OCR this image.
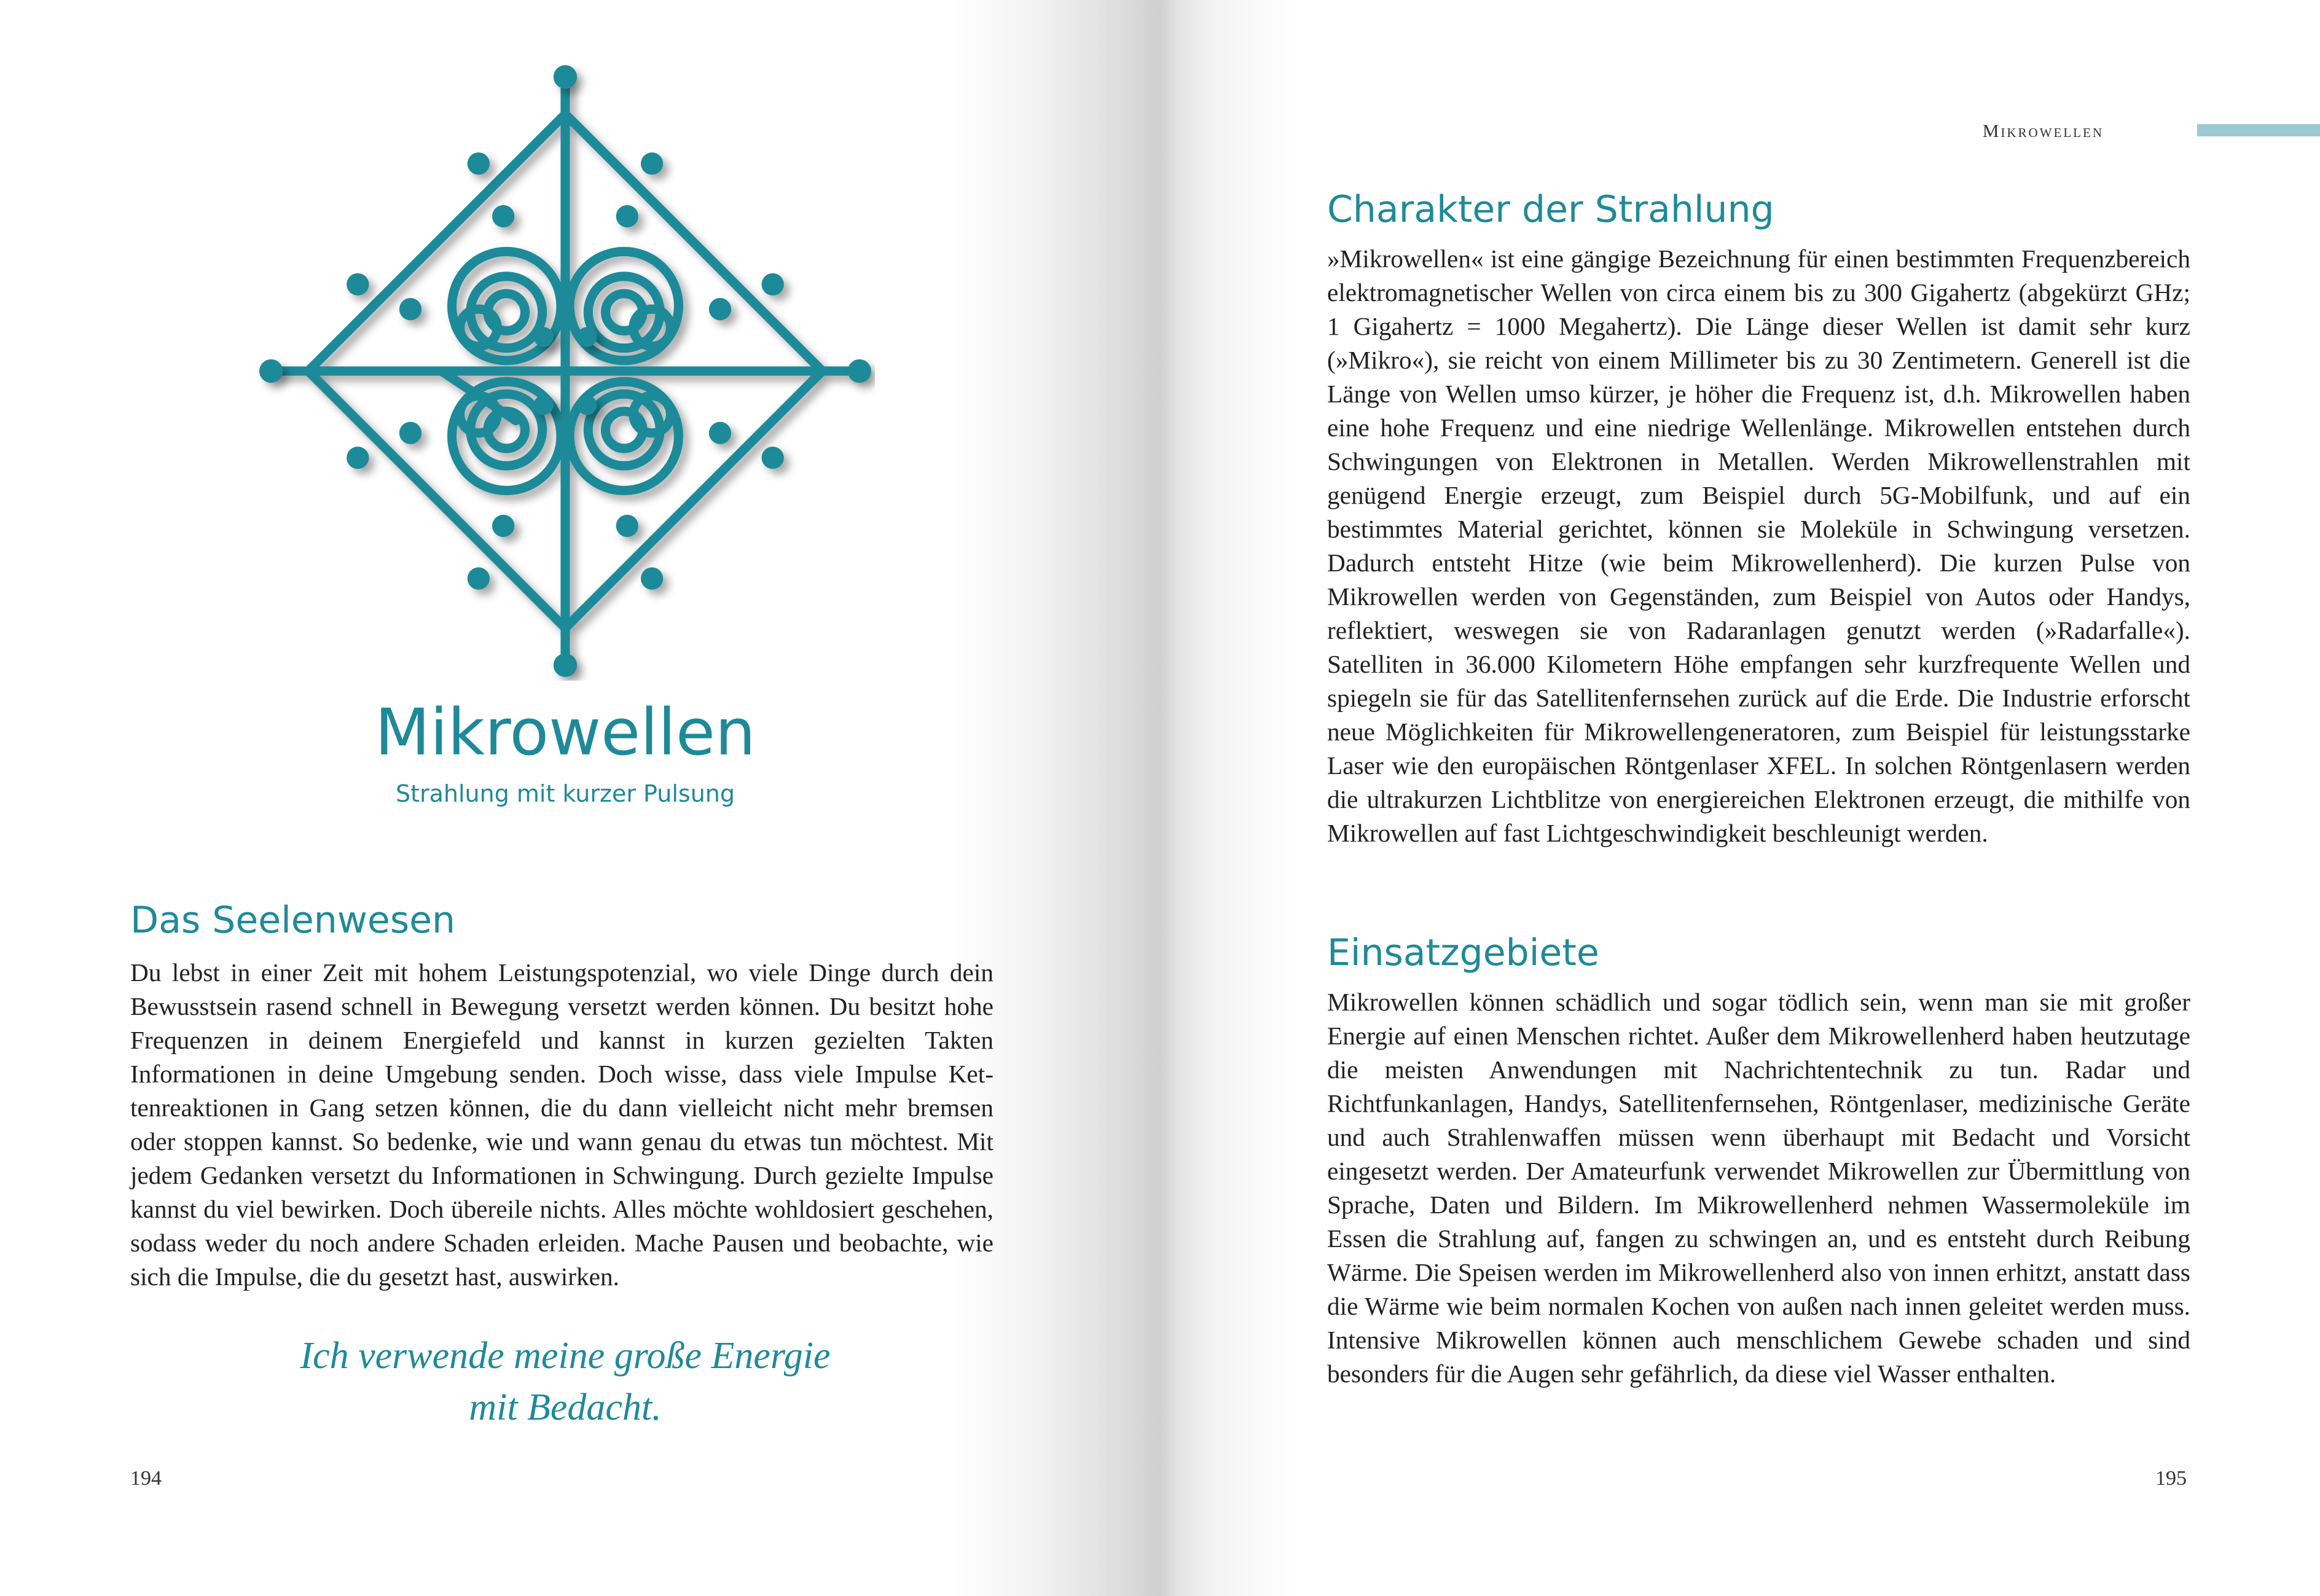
Mikrowellen
Strahlung mit kurzer Pulsung
Das Seelenwesen

Du lebst in einer Zeit mit hohem Leistungspotenzial, wo viele Dinge durch dein Bewusstsein rasend schnell in Bewegung versetzt werden können. Du besitzt hohe Frequenzen in deinem Energiefeld und kannst in kurzen gezielten Takten Informationen in deine Umgebung senden. Doch wisse, dass viele Impulse Kettenreaktionen in Gang setzen können, die du dann vielleicht nicht mehr bremsen oder stoppen kannst. So bedenke, wie und wann genau du etwas tun möchtest. Mit jedem Gedanken versetzt du Informationen in Schwingung. Durch gezielte Impulse kannst du viel bewirken. Doch übereile nichts. Alles möchte wohldosiert geschehen, sodass weder du noch andere Schaden erleiden. Mache Pausen und beobachte, wie sich die Impulse, die du gesetzt hast, auswirken.

Ich verwende meine große Energie
mit Bedacht.
194
Mikrowellen
Charakter der Strahlung

»Mikrowellen« ist eine gängige Bezeichnung für einen bestimmten Frequenzbereich elektromagnetischer Wellen von circa einem bis zu 300 Gigahertz (abgekürzt GHz; 1 Gigahertz = 1000 Megahertz). Die Länge dieser Wellen ist damit sehr kurz (»Mikro«), sie reicht von einem Millimeter bis zu 30 Zentimetern. Generell ist die Länge von Wellen umso kürzer, je höher die Frequenz ist, d.h. Mikrowellen haben eine hohe Frequenz und eine niedrige Wellenlänge. Mikrowellen entstehen durch Schwingungen von Elektronen in Metallen. Werden Mikrowellenstrahlen mit genügend Energie erzeugt, zum Beispiel durch 5G-Mobilfunk, und auf ein bestimmtes Material gerichtet, können sie Moleküle in Schwingung versetzen. Dadurch entsteht Hitze (wie beim Mikrowellenherd). Die kurzen Pulse von Mikrowellen werden von Gegenständen, zum Beispiel von Autos oder Handys, reflektiert, weswegen sie von Radaranlagen genutzt werden (»Radarfalle«). Satelliten in 36.000 Kilometern Höhe empfangen sehr kurzfrequente Wellen und spiegeln sie für das Satellitenfernsehen zurück auf die Erde. Die Industrie erforscht neue Möglichkeiten für Mikrowellengeneratoren, zum Beispiel für leistungsstarke Laser wie den europäischen Röntgenlaser XFEL. In solchen Röntgenlasern werden die ultrakurzen Lichtblitze von energiereichen Elektronen erzeugt, die mithilfe von Mikrowellen auf fast Lichtgeschwindigkeit beschleunigt werden.

Einsatzgebiete

Mikrowellen können schädlich und sogar tödlich sein, wenn man sie mit großer Energie auf einen Menschen richtet. Außer dem Mikrowellenherd haben heutzutage die meisten Anwendungen mit Nachrichtentechnik zu tun. Radar und Richtfunkanlagen, Handys, Satellitenfernsehen, Röntgenlaser, medizinische Geräte und auch Strahlenwaffen müssen wenn überhaupt mit Bedacht und Vorsicht eingesetzt werden. Der Amateurfunk verwendet Mikrowellen zur Übermittlung von Sprache, Daten und Bildern. Im Mikrowellenherd nehmen Wassermoleküle im Essen die Strahlung auf, fangen zu schwingen an, und es entsteht durch Reibung Wärme. Die Speisen werden im Mikrowellenherd also von innen erhitzt, anstatt dass die Wärme wie beim normalen Kochen von außen nach innen geleitet werden muss. Intensive Mikrowellen können auch menschlichem Gewebe schaden und sind besonders für die Augen sehr gefährlich, da diese viel Wasser enthalten.

195
